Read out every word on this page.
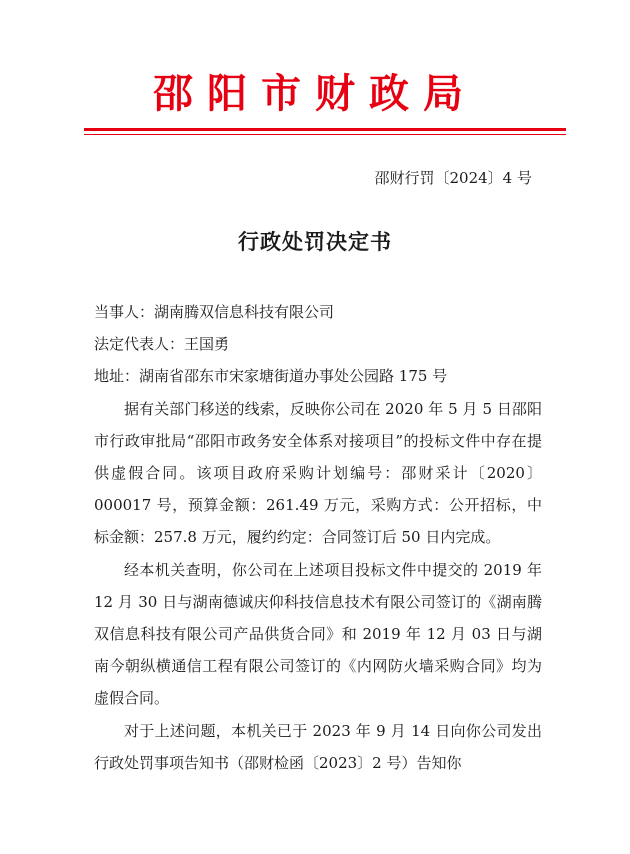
邵阳市财政局
邵财行罚〔2024〕4 号
行政处罚决定书
当事人：湖南腾双信息科技有限公司
法定代表人：王国勇
地址：湖南省邵东市宋家塘街道办事处公园路 175 号
据有关部门移送的线索，反映你公司在 2020 年 5 月 5 日邵阳市行政审批局“邵阳市政务安全体系对接项目”的投标文件中存在提供虚假合同。该项目政府采购计划编号：邵财采计〔2020〕000017 号，预算金额：261.49 万元，采购方式：公开招标，中标金额：257.8 万元，履约约定：合同签订后 50 日内完成。
经本机关查明，你公司在上述项目投标文件中提交的 2019 年 12 月 30 日与湖南德诚庆仰科技信息技术有限公司签订的《湖南腾双信息科技有限公司产品供货合同》和 2019 年 12 月 03 日与湖南今朝纵横通信工程有限公司签订的《内网防火墙采购合同》均为虚假合同。
对于上述问题，本机关已于 2023 年 9 月 14 日向你公司发出行政处罚事项告知书（邵财检函〔2023〕2 号）告知你
